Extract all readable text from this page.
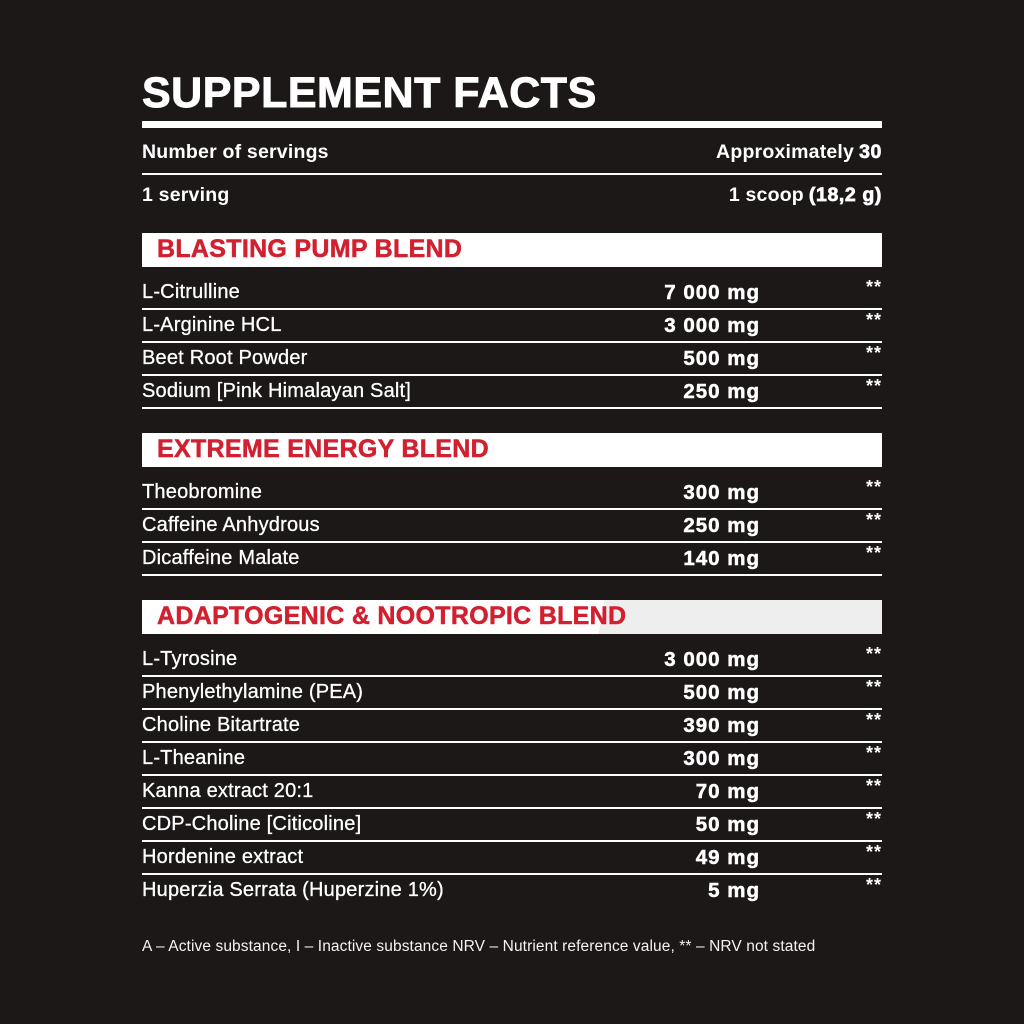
SUPPLEMENT FACTS
Number of servings	Approximately 30
1 serving	1 scoop (18,2 g)
BLASTING PUMP BLEND
L-Citrulline	7 000 mg	**
L-Arginine HCL	3 000 mg	**
Beet Root Powder	500 mg	**
Sodium [Pink Himalayan Salt]	250 mg	**
EXTREME ENERGY BLEND
Theobromine	300 mg	**
Caffeine Anhydrous	250 mg	**
Dicaffeine Malate	140 mg	**
ADAPTOGENIC & NOOTROPIC BLEND
L-Tyrosine	3 000 mg	**
Phenylethylamine (PEA)	500 mg	**
Choline Bitartrate	390 mg	**
L-Theanine	300 mg	**
Kanna extract 20:1	70 mg	**
CDP-Choline [Citicoline]	50 mg	**
Hordenine extract	49 mg	**
Huperzia Serrata (Huperzine 1%)	5 mg	**
A – Active substance, I – Inactive substance NRV – Nutrient reference value, ** – NRV not stated
